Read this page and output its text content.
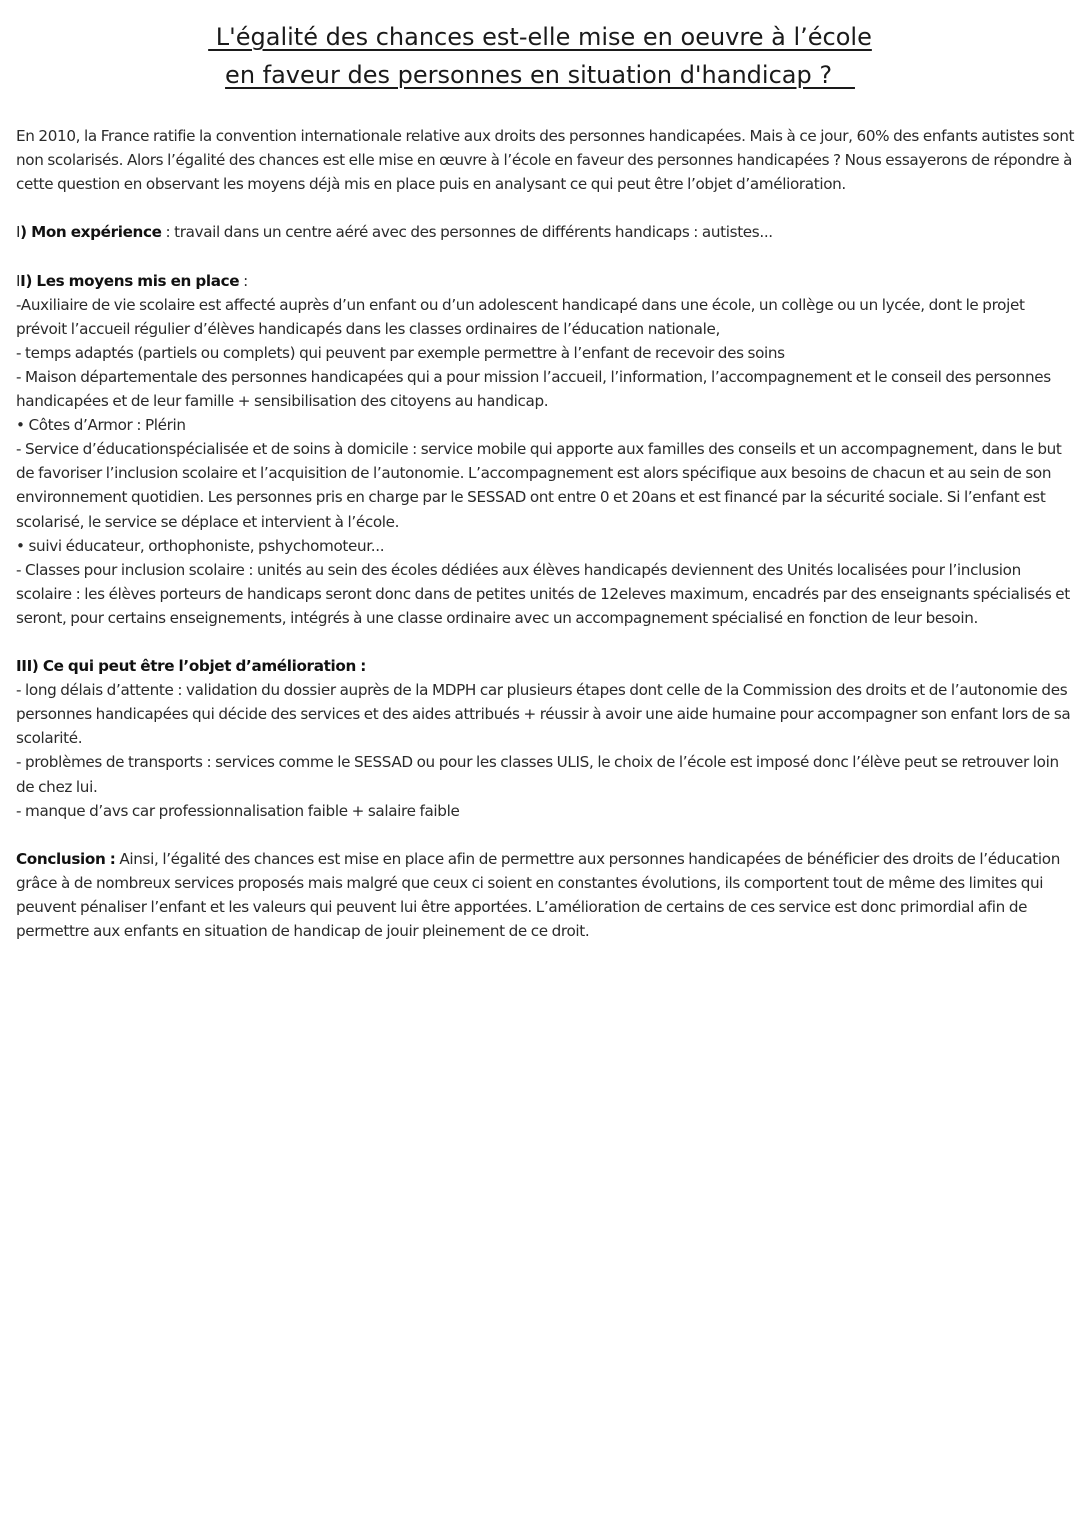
L'égalité des chances est-elle mise en oeuvre à l’école
en faveur des personnes en situation d'handicap ?

En 2010, la France ratifie la convention internationale relative aux droits des personnes handicapées. Mais à ce jour, 60% des enfants autistes sont non scolarisés. Alors l’égalité des chances est elle mise en œuvre à l’école en faveur des personnes handicapées ? Nous essayerons de répondre à cette question en observant les moyens déjà mis en place puis en analysant ce qui peut être l’objet d’amélioration.

I) Mon expérience : travail dans un centre aéré avec des personnes de différents handicaps : autistes...

II) Les moyens mis en place :

-Auxiliaire de vie scolaire est affecté auprès d’un enfant ou d’un adolescent handicapé dans une école, un collège ou un lycée, dont le projet prévoit l’accueil régulier d’élèves handicapés dans les classes ordinaires de l’éducation nationale,

- temps adaptés (partiels ou complets) qui peuvent par exemple permettre à l’enfant de recevoir des soins

- Maison départementale des personnes handicapées qui a pour mission l’accueil, l’information, l’accompagnement et le conseil des personnes handicapées et de leur famille + sensibilisation des citoyens au handicap.

• Côtes d’Armor : Plérin

- Service d’éducationspécialisée et de soins à domicile : service mobile qui apporte aux familles des conseils et un accompagnement, dans le but de favoriser l’inclusion scolaire et l’acquisition de l’autonomie. L’accompagnement est alors spécifique aux besoins de chacun et au sein de son environnement quotidien. Les personnes pris en charge par le SESSAD ont entre 0 et 20ans et est financé par la sécurité sociale. Si l’enfant est scolarisé, le service se déplace et intervient à l’école.

• suivi éducateur, orthophoniste, pshychomoteur...

- Classes pour inclusion scolaire : unités au sein des écoles dédiées aux élèves handicapés deviennent des Unités localisées pour l’inclusion scolaire : les élèves porteurs de handicaps seront donc dans de petites unités de 12eleves maximum, encadrés par des enseignants spécialisés et seront, pour certains enseignements, intégrés à une classe ordinaire avec un accompagnement spécialisé en fonction de leur besoin.

III) Ce qui peut être l’objet d’amélioration :

- long délais d’attente : validation du dossier auprès de la MDPH car plusieurs étapes dont celle de la Commission des droits et de l’autonomie des personnes handicapées qui décide des services et des aides attribués + réussir à avoir une aide humaine pour accompagner son enfant lors de sa scolarité.

- problèmes de transports : services comme le SESSAD ou pour les classes ULIS, le choix de l’école est imposé donc l’élève peut se retrouver loin de chez lui.

- manque d’avs car professionnalisation faible + salaire faible

Conclusion : Ainsi, l’égalité des chances est mise en place afin de permettre aux personnes handicapées de bénéficier des droits de l’éducation grâce à de nombreux services proposés mais malgré que ceux ci soient en constantes évolutions, ils comportent tout de même des limites qui peuvent pénaliser l’enfant et les valeurs qui peuvent lui être apportées. L’amélioration de certains de ces service est donc primordial afin de permettre aux enfants en situation de handicap de jouir pleinement de ce droit.
